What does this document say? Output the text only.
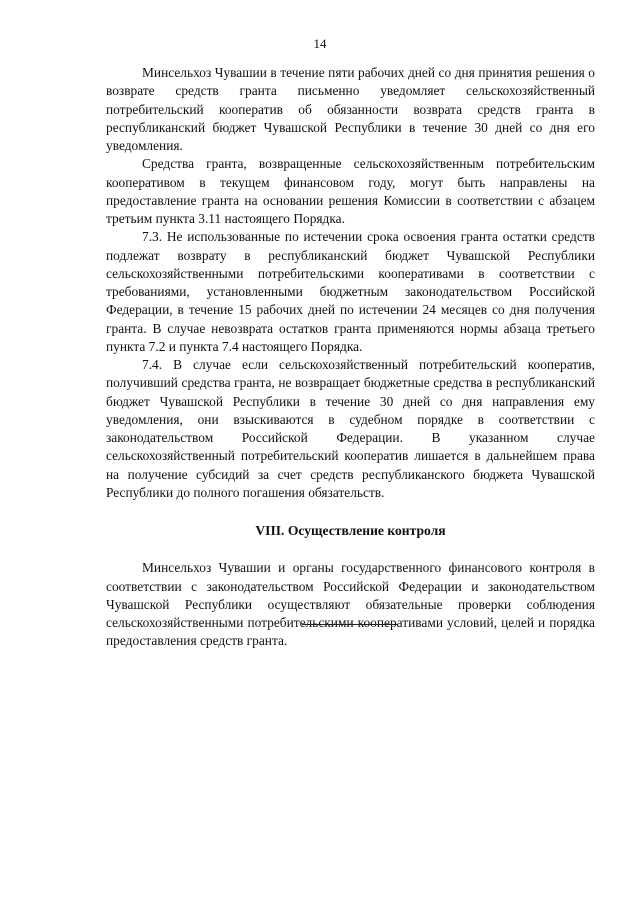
14

Минсельхоз Чувашии в течение пяти рабочих дней со дня принятия решения о возврате средств гранта письменно уведомляет сельскохозяйственный потребительский кооператив об обязанности возврата средств гранта в республиканский бюджет Чувашской Республики в течение 30 дней со дня его уведомления.

Средства гранта, возвращенные сельскохозяйственным потребительским кооперативом в текущем финансовом году, могут быть направлены на предоставление гранта на основании решения Комиссии в соответствии с абзацем третьим пункта 3.11 настоящего Порядка.

7.3. Не использованные по истечении срока освоения гранта остатки средств подлежат возврату в республиканский бюджет Чувашской Республики сельскохозяйственными потребительскими кооперативами в соответствии с требованиями, установленными бюджетным законодательством Российской Федерации, в течение 15 рабочих дней по истечении 24 месяцев со дня получения гранта. В случае невозврата остатков гранта применяются нормы абзаца третьего пункта 7.2 и пункта 7.4 настоящего Порядка.

7.4. В случае если сельскохозяйственный потребительский кооператив, получивший средства гранта, не возвращает бюджетные средства в республиканский бюджет Чувашской Республики в течение 30 дней со дня направления ему уведомления, они взыскиваются в судебном порядке в соответствии с законодательством Российской Федерации. В указанном случае сельскохозяйственный потребительский кооператив лишается в дальнейшем права на получение субсидий за счет средств республиканского бюджета Чувашской Республики до полного погашения обязательств.

VIII. Осуществление контроля

Минсельхоз Чувашии и органы государственного финансового контроля в соответствии с законодательством Российской Федерации и законодательством Чувашской Республики осуществляют обязательные проверки соблюдения сельскохозяйственными потребительскими кооперативами условий, целей и порядка предоставления средств гранта.
